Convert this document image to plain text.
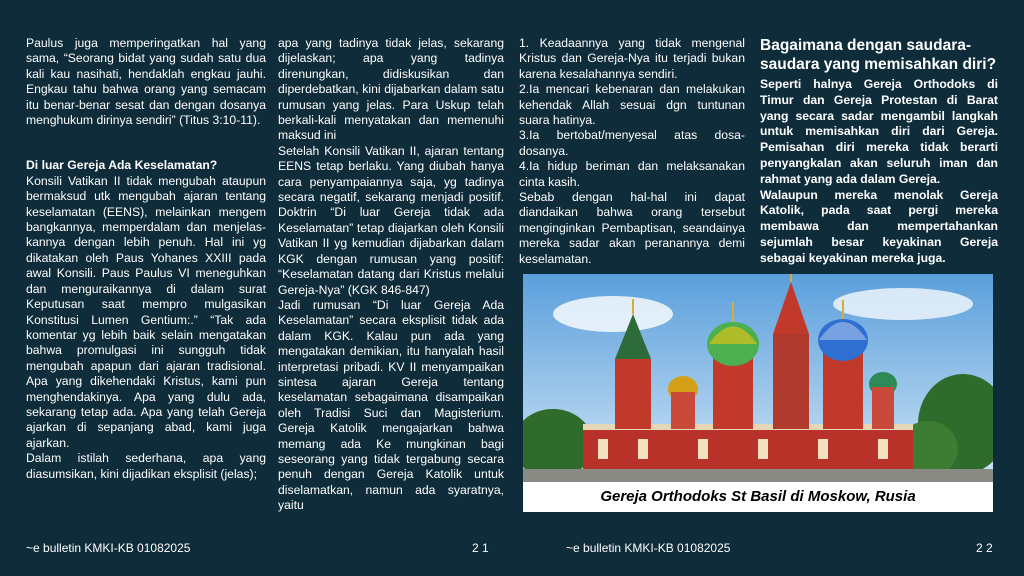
Paulus juga memperingatkan hal yang sama, “Seorang bidat yang sudah satu dua kali kau nasihati, hendaklah engkau jauhi. Engkau tahu bahwa orang yang semacam itu benar-benar sesat dan dengan dosanya menghukum dirinya sendiri” (Titus 3:10-11).

Di luar Gereja Ada Keselamatan?

Konsili Vatikan II tidak mengubah ataupun bermaksud utk mengubah ajaran tentang keselamatan (EENS), melainkan mengem bangkannya, memperdalam dan menjelas-kannya dengan lebih penuh. Hal ini yg dikatakan oleh Paus Yohanes XXIII pada awal Konsili. Paus Paulus VI meneguhkan dan menguraikannya di dalam surat Keputusan saat mempro mulgasikan Konstitusi Lumen Gentium:.” “Tak ada komentar yg lebih baik selain mengatakan bahwa promulgasi ini sungguh tidak mengubah apapun dari ajaran tradisional. Apa yang dikehendaki Kristus, kami pun menghendakinya. Apa yang dulu ada, sekarang tetap ada. Apa yang telah Gereja ajarkan di sepanjang abad, kami juga ajarkan.

Dalam istilah sederhana, apa yang diasumsikan, kini dijadikan eksplisit (jelas);

apa yang tadinya tidak jelas, sekarang dijelaskan; apa yang tadinya direnungkan, didiskusikan dan diperdebatkan, kini dijabarkan dalam satu rumusan yang jelas. Para Uskup telah berkali-kali menyatakan dan memenuhi maksud ini

Setelah Konsili Vatikan II, ajaran tentang EENS tetap berlaku. Yang diubah hanya cara penyampaiannya saja, yg tadinya secara negatif, sekarang menjadi positif. Doktrin “Di luar Gereja tidak ada Keselamatan” tetap diajarkan oleh Konsili Vatikan II yg kemudian dijabarkan dalam KGK dengan rumusan yang positif: “Keselamatan datang dari Kristus melalui Gereja-Nya” (KGK 846-847)

Jadi rumusan “Di luar Gereja Ada Keselamatan” secara eksplisit tidak ada dalam KGK. Kalau pun ada yang mengatakan demikian, itu hanyalah hasil interpretasi pribadi. KV II menyampaikan sintesa ajaran Gereja tentang keselamatan sebagaimana disampaikan oleh Tradisi Suci dan Magisterium. Gereja Katolik mengajarkan bahwa memang ada Ke mungkinan bagi seseorang yang tidak tergabung secara penuh dengan Gereja Katolik untuk diselamatkan, namun ada syaratnya, yaitu

~e bulletin KMKI-KB 01082025	2 1

1. Keadaannya yang tidak mengenal Kristus dan Gereja-Nya itu terjadi bukan karena kesalahannya sendiri.

2.Ia mencari kebenaran dan melakukan kehendak Allah sesuai dgn tuntunan suara hatinya.

3.Ia bertobat/menyesal atas dosa-dosanya.

4.Ia hidup beriman dan melaksanakan cinta kasih.

Sebab dengan hal-hal ini dapat diandaikan bahwa orang tersebut menginginkan Pembaptisan, seandainya mereka sadar akan peranannya demi keselamatan.

Bagaimana dengan saudara-saudara yang memisahkan diri?

Seperti halnya Gereja Orthodoks di Timur dan Gereja Protestan di Barat yang secara sadar mengambil langkah untuk memisahkan diri dari Gereja. Pemisahan diri mereka tidak berarti penyangkalan akan seluruh iman dan rahmat yang ada dalam Gereja.

Walaupun mereka menolak Gereja Katolik, pada saat pergi mereka membawa dan mempertahankan sejumlah besar keyakinan Gereja sebagai keyakinan mereka juga.

Gereja Orthodoks St Basil di Moskow, Rusia
~e bulletin KMKI-KB 01082025	2 2
